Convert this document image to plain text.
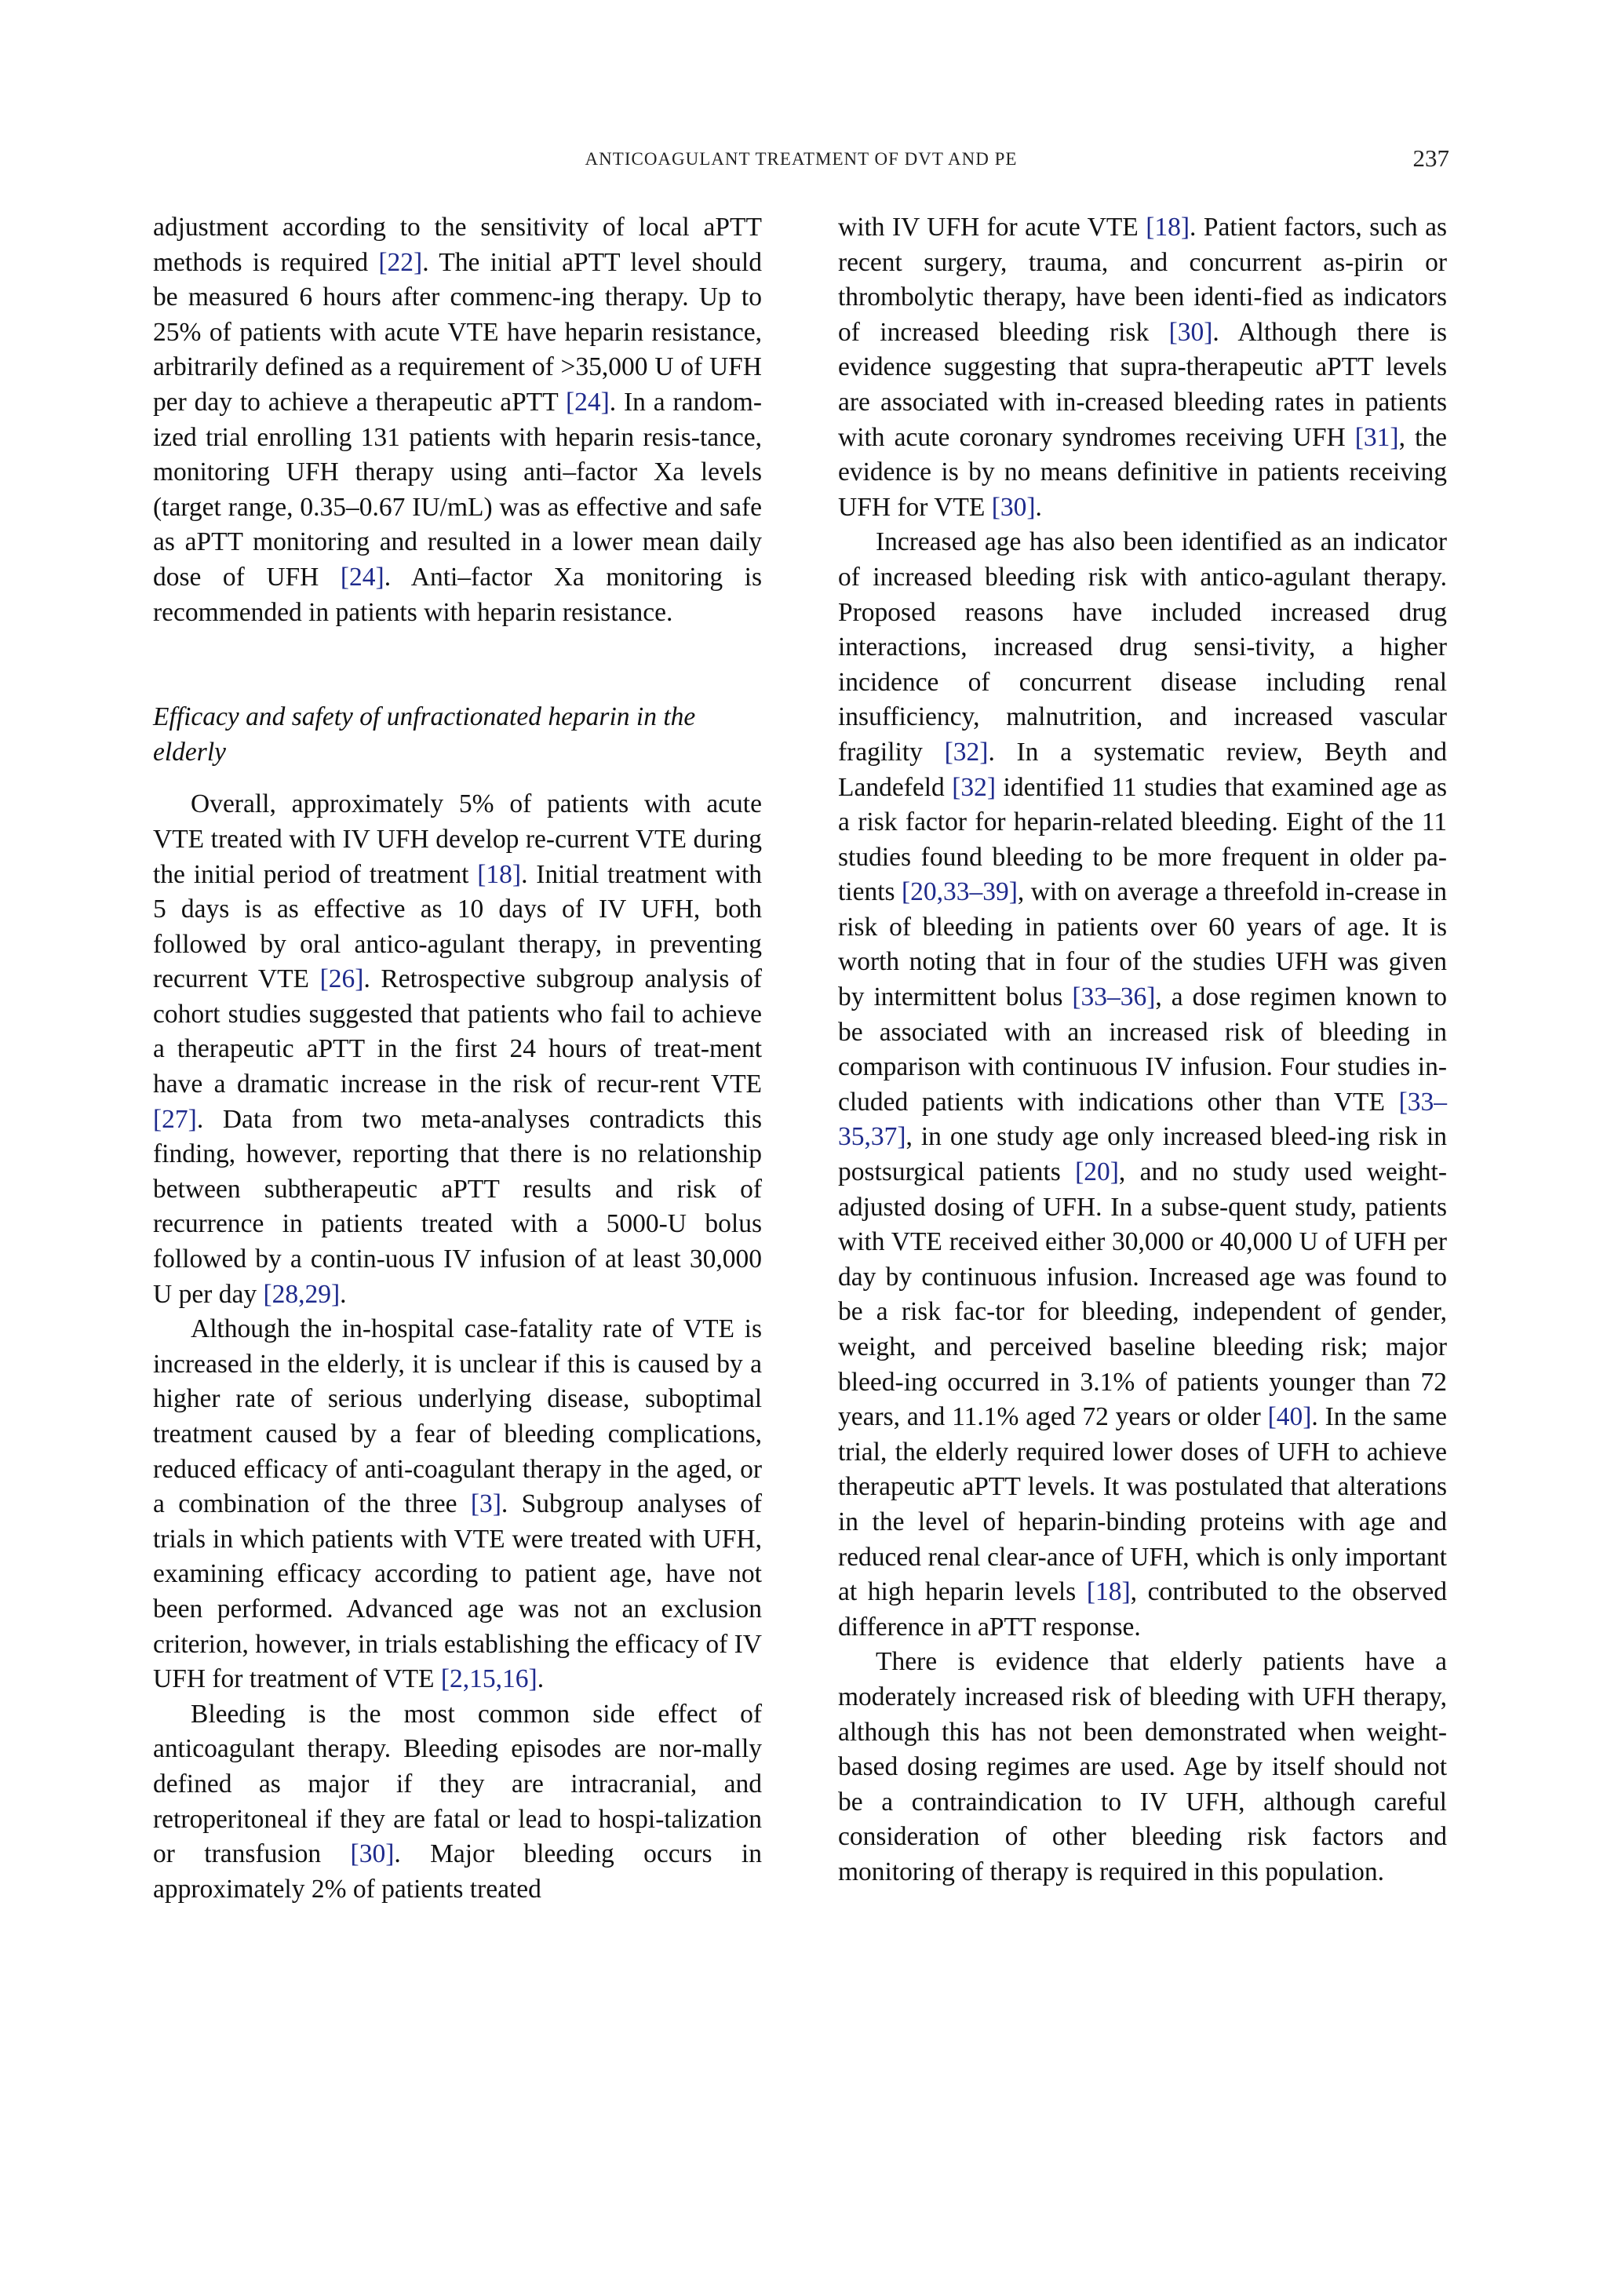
ANTICOAGULANT TREATMENT OF DVT AND PE	237

adjustment according to the sensitivity of local aPTT methods is required [22]. The initial aPTT level should be measured 6 hours after commenc-ing therapy. Up to 25% of patients with acute VTE have heparin resistance, arbitrarily defined as a requirement of >35,000 U of UFH per day to achieve a therapeutic aPTT [24]. In a random-ized trial enrolling 131 patients with heparin resis-tance, monitoring UFH therapy using anti–factor Xa levels (target range, 0.35–0.67 IU/mL) was as effective and safe as aPTT monitoring and resulted in a lower mean daily dose of UFH [24]. Anti–factor Xa monitoring is recommended in patients with heparin resistance.

Efficacy and safety of unfractionated heparin in the elderly

Overall, approximately 5% of patients with acute VTE treated with IV UFH develop re-current VTE during the initial period of treatment [18]. Initial treatment with 5 days is as effective as 10 days of IV UFH, both followed by oral antico-agulant therapy, in preventing recurrent VTE [26]. Retrospective subgroup analysis of cohort studies suggested that patients who fail to achieve a therapeutic aPTT in the first 24 hours of treat-ment have a dramatic increase in the risk of recur-rent VTE [27]. Data from two meta-analyses contradicts this finding, however, reporting that there is no relationship between subtherapeutic aPTT results and risk of recurrence in patients treated with a 5000-U bolus followed by a contin-uous IV infusion of at least 30,000 U per day [28,29].

Although the in-hospital case-fatality rate of VTE is increased in the elderly, it is unclear if this is caused by a higher rate of serious underlying disease, suboptimal treatment caused by a fear of bleeding complications, reduced efficacy of anti-coagulant therapy in the aged, or a combination of the three [3]. Subgroup analyses of trials in which patients with VTE were treated with UFH, examining efficacy according to patient age, have not been performed. Advanced age was not an exclusion criterion, however, in trials establishing the efficacy of IV UFH for treatment of VTE [2,15,16].

Bleeding is the most common side effect of anticoagulant therapy. Bleeding episodes are nor-mally defined as major if they are intracranial, and retroperitoneal if they are fatal or lead to hospi-talization or transfusion [30]. Major bleeding occurs in approximately 2% of patients treated

with IV UFH for acute VTE [18]. Patient factors, such as recent surgery, trauma, and concurrent as-pirin or thrombolytic therapy, have been identi-fied as indicators of increased bleeding risk [30]. Although there is evidence suggesting that supra-therapeutic aPTT levels are associated with in-creased bleeding rates in patients with acute coronary syndromes receiving UFH [31], the evidence is by no means definitive in patients receiving UFH for VTE [30].

Increased age has also been identified as an indicator of increased bleeding risk with antico-agulant therapy. Proposed reasons have included increased drug interactions, increased drug sensi-tivity, a higher incidence of concurrent disease including renal insufficiency, malnutrition, and increased vascular fragility [32]. In a systematic review, Beyth and Landefeld [32] identified 11 studies that examined age as a risk factor for heparin-related bleeding. Eight of the 11 studies found bleeding to be more frequent in older pa-tients [20,33–39], with on average a threefold in-crease in risk of bleeding in patients over 60 years of age. It is worth noting that in four of the studies UFH was given by intermittent bolus [33–36], a dose regimen known to be associated with an increased risk of bleeding in comparison with continuous IV infusion. Four studies in-cluded patients with indications other than VTE [33–35,37], in one study age only increased bleed-ing risk in postsurgical patients [20], and no study used weight-adjusted dosing of UFH. In a subse-quent study, patients with VTE received either 30,000 or 40,000 U of UFH per day by continuous infusion. Increased age was found to be a risk fac-tor for bleeding, independent of gender, weight, and perceived baseline bleeding risk; major bleed-ing occurred in 3.1% of patients younger than 72 years, and 11.1% aged 72 years or older [40]. In the same trial, the elderly required lower doses of UFH to achieve therapeutic aPTT levels. It was postulated that alterations in the level of heparin-binding proteins with age and reduced renal clear-ance of UFH, which is only important at high heparin levels [18], contributed to the observed difference in aPTT response.

There is evidence that elderly patients have a moderately increased risk of bleeding with UFH therapy, although this has not been demonstrated when weight-based dosing regimes are used. Age by itself should not be a contraindication to IV UFH, although careful consideration of other bleeding risk factors and monitoring of therapy is required in this population.
